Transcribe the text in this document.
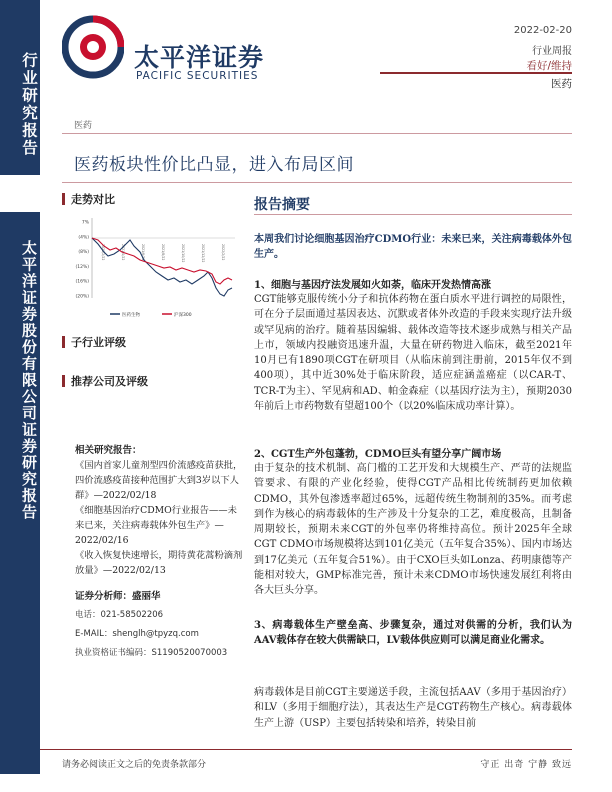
行业研究报告
太平洋证券股份有限公司证券研究报告
太平洋证券
PACIFIC SECURITIES
2022-02-20
行业周报
看好/维持
医药
医药
医药板块性价比凸显，进入布局区间
走势对比
7%
(4%)
(8%)
(12%)
(16%)
(20%)
2021/2/22	2021/4/22	2021/6/22	2021/8/22	2021/10/22	2021/12/22	2022/2/22
医药生物	沪深300
子行业评级
推荐公司及评级
相关研究报告：
《国内首家儿童剂型四价流感疫苗获批，四价流感疫苗接种范围扩大到3岁以下人群》—2022/02/18
《细胞基因治疗CDMO行业报告——未来已来，关注病毒载体外包生产》—2022/02/16
《收入恢复快速增长，期待黄花蒿粉滴剂放量》—2022/02/13
证券分析师：盛丽华
电话：021-58502206
E-MAIL：shenglh@tpyzq.com
执业资格证书编码：S1190520070003
报告摘要
本周我们讨论细胞基因治疗CDMO行业：未来已来，关注病毒载体外包生产。
1、细胞与基因疗法发展如火如荼，临床开发热情高涨
CGT能够克服传统小分子和抗体药物在蛋白质水平进行调控的局限性，可在分子层面通过基因表达、沉默或者体外改造的手段来实现疗法升级或罕见病的治疗。随着基因编辑、载体改造等技术逐步成熟与相关产品上市，领域内投融资迅速升温，大量在研药物进入临床，截至2021年10月已有1890项CGT在研项目（从临床前到注册前，2015年仅不到400项），其中近30%处于临床阶段，适应症涵盖癌症（以CAR-T、TCR-T为主）、罕见病和AD、帕金森症（以基因疗法为主），预期2030年前后上市药物数有望超100个（以20%临床成功率计算）。
2、CGT生产外包蓬勃，CDMO巨头有望分享广阔市场
由于复杂的技术机制、高门槛的工艺开发和大规模生产、严苛的法规监管要求、有限的产业化经验，使得CGT产品相比传统制药更加依赖CDMO，其外包渗透率超过65%，远超传统生物制剂的35%。而考虑到作为核心的病毒载体的生产涉及十分复杂的工艺，难度极高，且制备周期较长，预期未来CGT的外包率仍将维持高位。预计2025年全球CGT CDMO市场规模将达到101亿美元（五年复合35%）、国内市场达到17亿美元（五年复合51%）。由于CXO巨头如Lonza、药明康德等产能相对较大，GMP标准完善，预计未来CDMO市场快速发展红利将由各大巨头分享。
3、病毒载体生产壁垒高、步骤复杂，通过对供需的分析，我们认为AAV载体存在较大供需缺口，LV载体供应则可以满足商业化需求。
病毒载体是目前CGT主要递送手段，主流包括AAV（多用于基因治疗）和LV（多用于细胞疗法），其表达生产是CGT药物生产核心。病毒载体生产上游（USP）主要包括转染和培养，转染目前
请务必阅读正文之后的免责条款部分	守正 出奇 宁静 致远
